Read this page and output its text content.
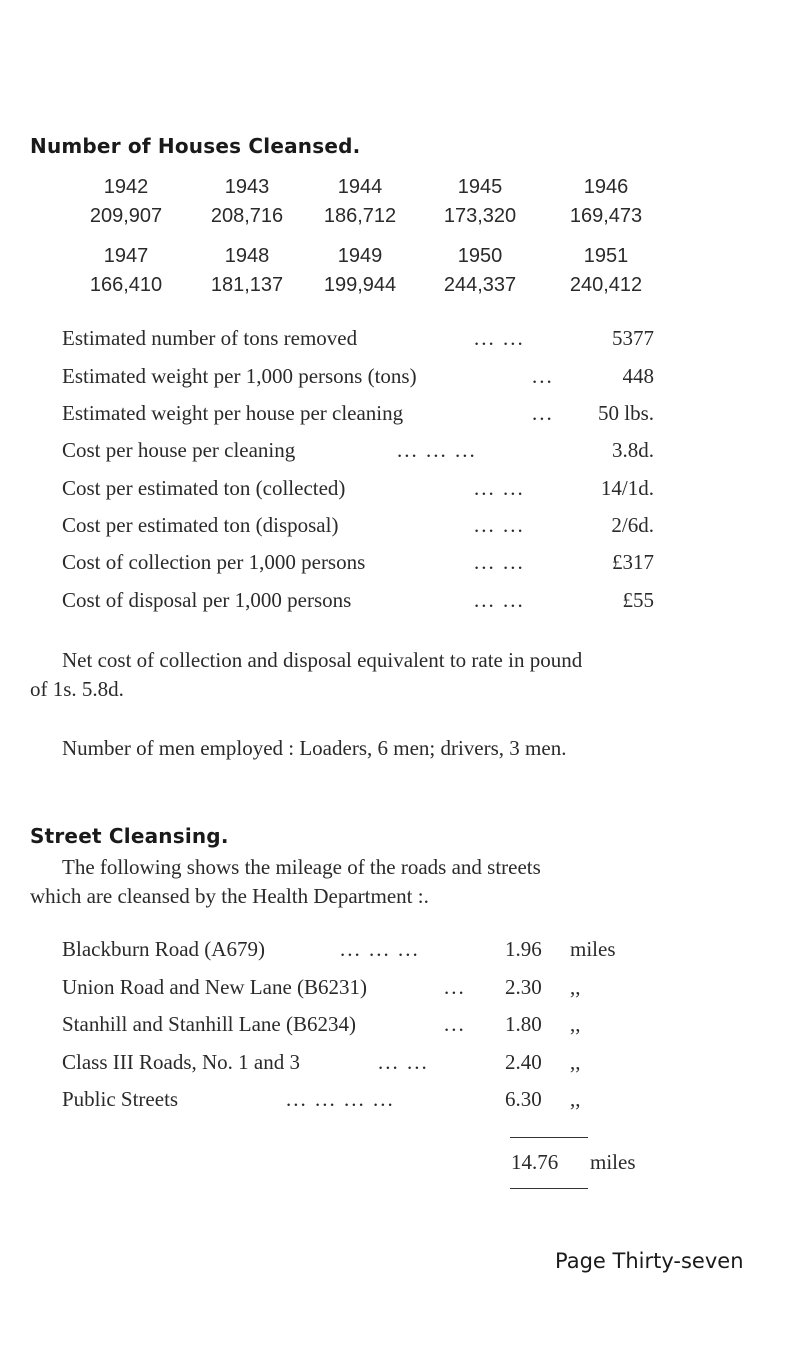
Number of Houses Cleansed.
1942	1943	1944	1945	1946
209,907	208,716	186,712	173,320	169,473
1947	1948	1949	1950	1951
166,410	181,137	199,944	244,337	240,412
Estimated number of tons removed	... ...	5377
Estimated weight per 1,000 persons (tons)	...	448
Estimated weight per house per cleaning	... 50 lbs.
Cost per house per cleaning	... ... ...	3.8d.
Cost per estimated ton (collected)	... ...	14/1d.
Cost per estimated ton (disposal)	... ...	2/6d.
Cost of collection per 1,000 persons	... ...	£317
Cost of disposal per 1,000 persons	... ...	£55
Net cost of collection and disposal equivalent to rate in pound
of 1s. 5.8d.
Number of men employed : Loaders, 6 men; drivers, 3 men.
Street Cleansing.
The following shows the mileage of the roads and streets
which are cleansed by the Health Department :.
Blackburn Road (A679)	... ... ...	1.96 miles
Union Road and New Lane (B6231)	... 2.30 ,,
Stanhill and Stanhill Lane (B6234)	... 1.80 ,,
Class III Roads, No. 1 and 3	... ...	2.40 ,,
Public Streets	... ... ... ...	6.30 ,,
14.76 miles
Page Thirty-seven
